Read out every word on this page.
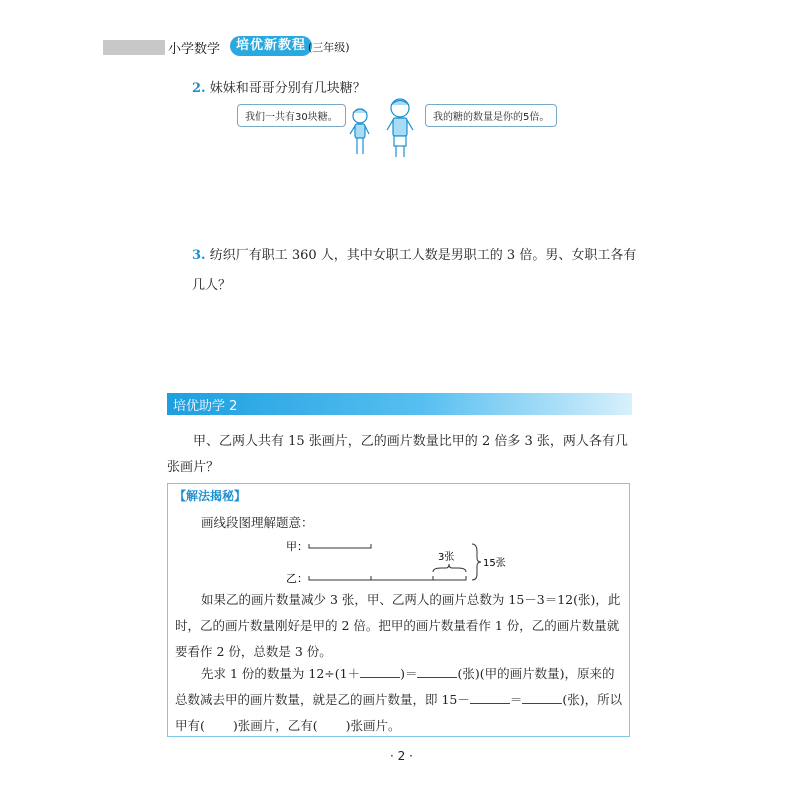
小学数学	培优新教程 (三年级)
2. 妹妹和哥哥分别有几块糖？
我们一共有30块糖。	我的糖的数量是你的5倍。
3. 纺织厂有职工 360 人，其中女职工人数是男职工的 3 倍。男、女职工各有几人？
培优助学 2
甲、乙两人共有 15 张画片，乙的画片数量比甲的 2 倍多 3 张，两人各有几张画片？
【解法揭秘】
画线段图理解题意：
甲：
乙：
3张
15张
如果乙的画片数量减少 3 张，甲、乙两人的画片总数为 15－3＝12(张)，此时，乙的画片数量刚好是甲的 2 倍。把甲的画片数量看作 1 份，乙的画片数量就要看作 2 份，总数是 3 份。
先求 1 份的数量为 12÷(1＋	)＝	(张)(甲的画片数量)，原来的总数减去甲的画片数量，就是乙的画片数量，即 15－	＝	(张)，所以甲有( )张画片，乙有( )张画片。
· 2 ·
